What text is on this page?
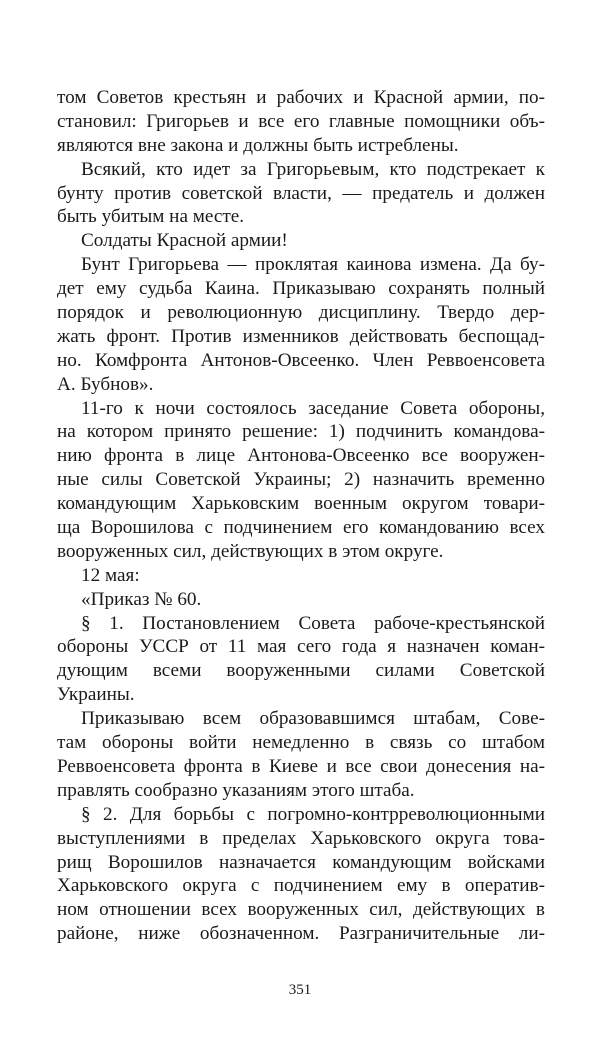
том Советов крестьян и рабочих и Красной армии, по-
становил: Григорьев и все его главные помощники объ-
являются вне закона и должны быть истреблены.
Всякий, кто идет за Григорьевым, кто подстрекает к
бунту против советской власти, — предатель и должен
быть убитым на месте.
Солдаты Красной армии!
Бунт Григорьева — проклятая каинова измена. Да бу-
дет ему судьба Каина. Приказываю сохранять полный
порядок и революционную дисциплину. Твердо дер-
жать фронт. Против изменников действовать беспощад-
но. Комфронта Антонов-Овсеенко. Член Реввоенсовета
А. Бубнов».
11-го к ночи состоялось заседание Совета обороны,
на котором принято решение: 1) подчинить командова-
нию фронта в лице Антонова-Овсеенко все вооружен-
ные силы Советской Украины; 2) назначить временно
командующим Харьковским военным округом товари-
ща Ворошилова с подчинением его командованию всех
вооруженных сил, действующих в этом округе.
12 мая:
«Приказ № 60.
§ 1. Постановлением Совета рабоче-крестьянской
обороны УССР от 11 мая сего года я назначен коман-
дующим всеми вооруженными силами Советской
Украины.
Приказываю всем образовавшимся штабам, Сове-
там обороны войти немедленно в связь со штабом
Реввоенсовета фронта в Киеве и все свои донесения на-
правлять сообразно указаниям этого штаба.
§ 2. Для борьбы с погромно-контрреволюционными
выступлениями в пределах Харьковского округа това-
рищ Ворошилов назначается командующим войсками
Харьковского округа с подчинением ему в оператив-
ном отношении всех вооруженных сил, действующих в
районе, ниже обозначенном. Разграничительные ли-
351
